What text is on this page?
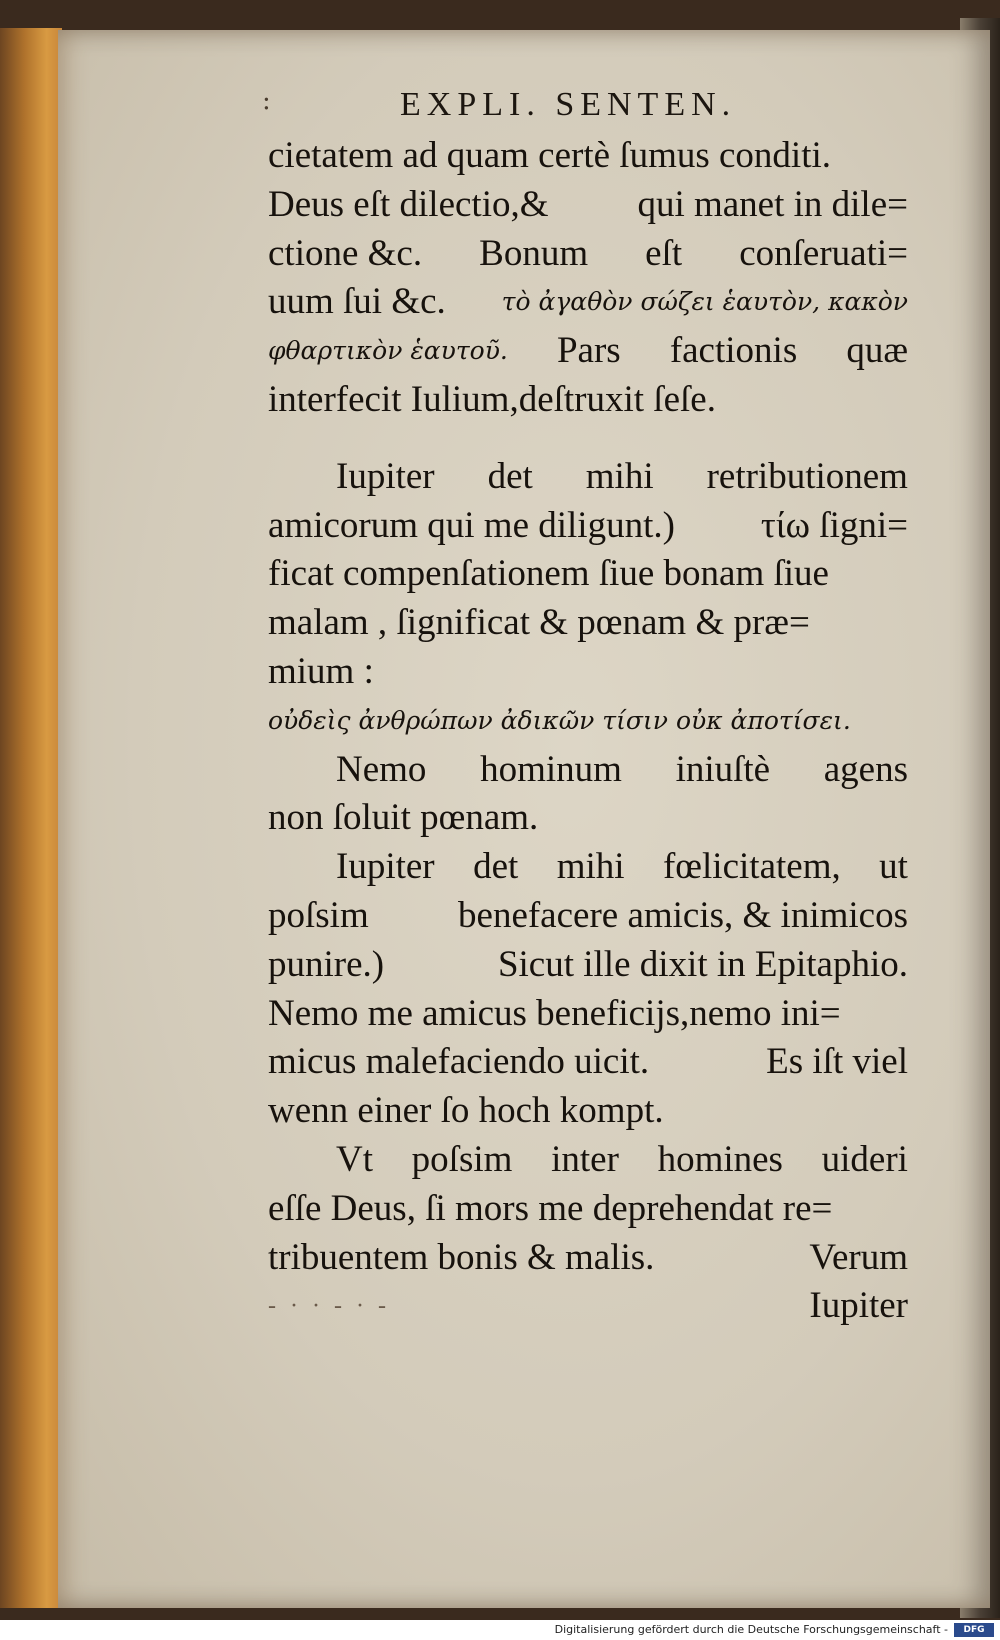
:	EXPLI. SENTEN.
cietatem ad quam certè ſumus conditi.
Deus eſt dilectio,& qui manet in dile=
ctione &c. Bonum eſt conſeruati=
uum ſui &c. τὸ ἀγαθὸν σώζει ἑαυτὸν, κακὸν
φθαρτικὸν ἑαυτοῦ. Pars factionis quæ
interfecit Iulium,deſtruxit ſeſe.
Iupiter det mihi retributionem
amicorum qui me diligunt.) τίω ſigni=
ficat compenſationem ſiue bonam ſiue
malam , ſignificat & pœnam & præ=
mium :
οὐδεὶς ἀνθρώπων ἀδικῶν τίσιν οὐκ ἀποτίσει.
Nemo hominum iniuſtè agens
non ſoluit pœnam.
Iupiter det mihi fœlicitatem, ut
poſsim benefacere amicis, & inimicos
punire.)	Sicut ille dixit in Epitaphio.
Nemo me amicus beneficijs,nemo ini=
micus malefaciendo uicit.	Es iſt viel
wenn einer ſo hoch kompt.
Vt poſsim inter homines uideri
eſſe Deus, ſi mors me deprehendat re=
tribuentem bonis & malis.	Verum
- · · - · -	Iupiter
Digitalisierung gefördert durch die Deutsche Forschungsgemeinschaft -	DFG
